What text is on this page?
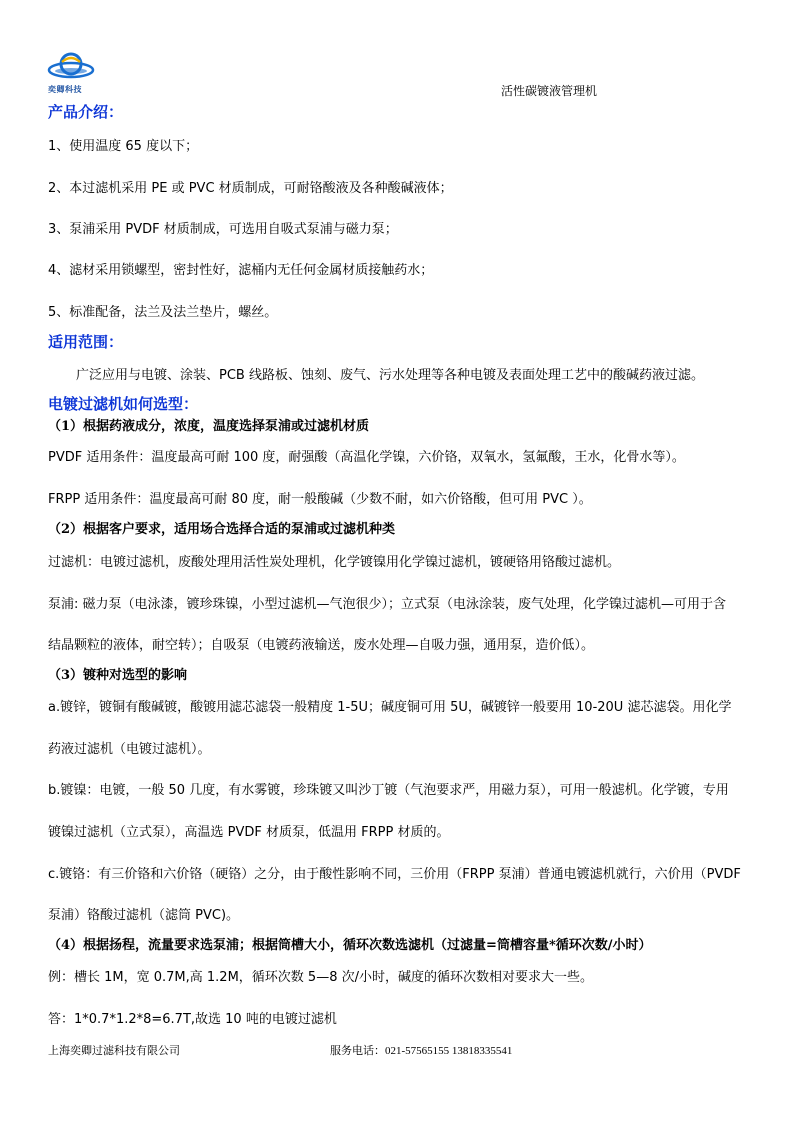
奕卿科技	活性碳镀液管理机
产品介绍：
1、使用温度 65 度以下；
2、本过滤机采用 PE 或 PVC 材质制成，可耐铬酸液及各种酸碱液体；
3、泵浦采用 PVDF 材质制成，可选用自吸式泵浦与磁力泵；
4、滤材采用锁螺型，密封性好，滤桶内无任何金属材质接触药水；
5、标准配备，法兰及法兰垫片，螺丝。
适用范围：
广泛应用与电镀、涂装、PCB 线路板、蚀刻、废气、污水处理等各种电镀及表面处理工艺中的酸碱药液过滤。
电镀过滤机如何选型：
（1）根据药液成分，浓度，温度选择泵浦或过滤机材质
PVDF 适用条件：温度最高可耐 100 度，耐强酸（高温化学镍，六价铬，双氧水，氢氟酸，王水，化骨水等）。
FRPP 适用条件：温度最高可耐 80 度，耐一般酸碱（少数不耐，如六价铬酸，但可用 PVC ）。
（2）根据客户要求，适用场合选择合适的泵浦或过滤机种类
过滤机：电镀过滤机，废酸处理用活性炭处理机，化学镀镍用化学镍过滤机，镀硬铬用铬酸过滤机。
泵浦: 磁力泵（电泳漆，镀珍珠镍，小型过滤机—气泡很少）；立式泵（电泳涂装，废气处理，化学镍过滤机—可用于含
结晶颗粒的液体，耐空转）；自吸泵（电镀药液输送，废水处理—自吸力强，通用泵，造价低）。
（3）镀种对选型的影响
a.镀锌，镀铜有酸碱镀，酸镀用滤芯滤袋一般精度 1-5U；碱度铜可用 5U，碱镀锌一般要用 10-20U 滤芯滤袋。用化学
药液过滤机（电镀过滤机）。
b.镀镍：电镀，一般 50 几度，有水雾镀，珍珠镀又叫沙丁镀（气泡要求严，用磁力泵），可用一般滤机。化学镀，专用
镀镍过滤机（立式泵），高温选 PVDF 材质泵，低温用 FRPP 材质的。
c.镀铬：有三价铬和六价铬（硬铬）之分，由于酸性影响不同，三价用（FRPP 泵浦）普通电镀滤机就行，六价用（PVDF
泵浦）铬酸过滤机（滤筒 PVC)。
（4）根据扬程，流量要求选泵浦；根据筒槽大小，循环次数选滤机（过滤量=筒槽容量*循环次数/小时）
例：槽长 1M，宽 0.7M,高 1.2M，循环次数 5—8 次/小时，碱度的循环次数相对要求大一些。
答：1*0.7*1.2*8=6.7T,故选 10 吨的电镀过滤机
上海奕卿过滤科技有限公司	服务电话：021-57565155 13818335541
